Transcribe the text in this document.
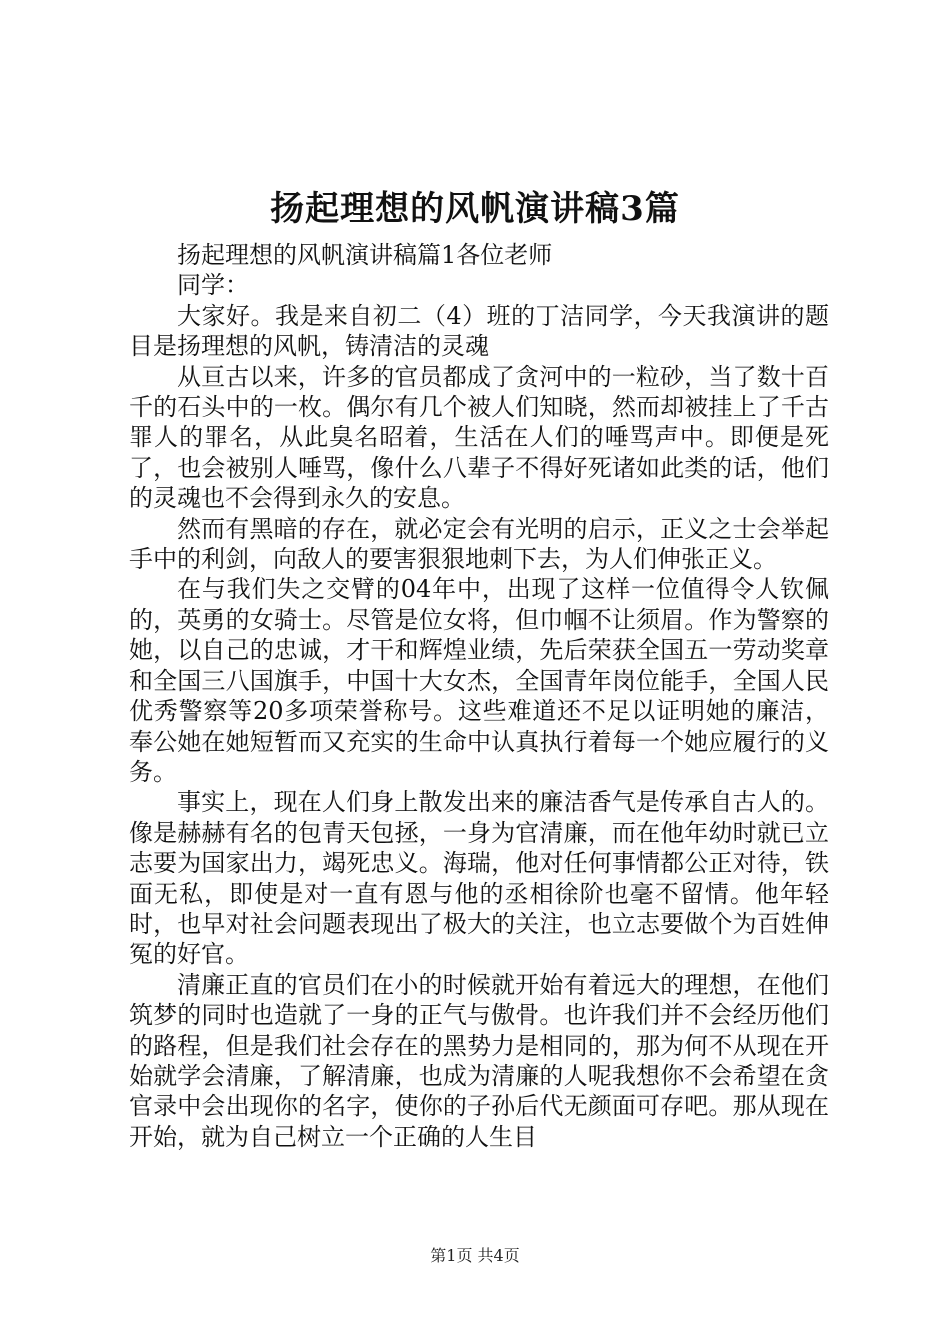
扬起理想的风帆演讲稿3篇

扬起理想的风帆演讲稿篇1各位老师

同学：

大家好。我是来自初二（4）班的丁洁同学，今天我演讲的题目是扬理想的风帆，铸清洁的灵魂

从亘古以来，许多的官员都成了贪河中的一粒砂，当了数十百千的石头中的一枚。偶尔有几个被人们知晓，然而却被挂上了千古罪人的罪名，从此臭名昭着，生活在人们的唾骂声中。即便是死了，也会被别人唾骂，像什么八辈子不得好死诸如此类的话，他们的灵魂也不会得到永久的安息。

然而有黑暗的存在，就必定会有光明的启示，正义之士会举起手中的利剑，向敌人的要害狠狠地刺下去，为人们伸张正义。

在与我们失之交臂的04年中，出现了这样一位值得令人钦佩的，英勇的女骑士。尽管是位女将，但巾帼不让须眉。作为警察的她，以自己的忠诚，才干和辉煌业绩，先后荣获全国五一劳动奖章和全国三八国旗手，中国十大女杰，全国青年岗位能手，全国人民优秀警察等20多项荣誉称号。这些难道还不足以证明她的廉洁，奉公她在她短暂而又充实的生命中认真执行着每一个她应履行的义务。

事实上，现在人们身上散发出来的廉洁香气是传承自古人的。像是赫赫有名的包青天包拯，一身为官清廉，而在他年幼时就已立志要为国家出力，竭死忠义。海瑞，他对任何事情都公正对待，铁面无私，即使是对一直有恩与他的丞相徐阶也毫不留情。他年轻时，也早对社会问题表现出了极大的关注，也立志要做个为百姓伸冤的好官。

清廉正直的官员们在小的时候就开始有着远大的理想，在他们筑梦的同时也造就了一身的正气与傲骨。也许我们并不会经历他们的路程，但是我们社会存在的黑势力是相同的，那为何不从现在开始就学会清廉，了解清廉，也成为清廉的人呢我想你不会希望在贪官录中会出现你的名字，使你的子孙后代无颜面可存吧。那从现在开始，就为自己树立一个正确的人生目

第1页 共4页
